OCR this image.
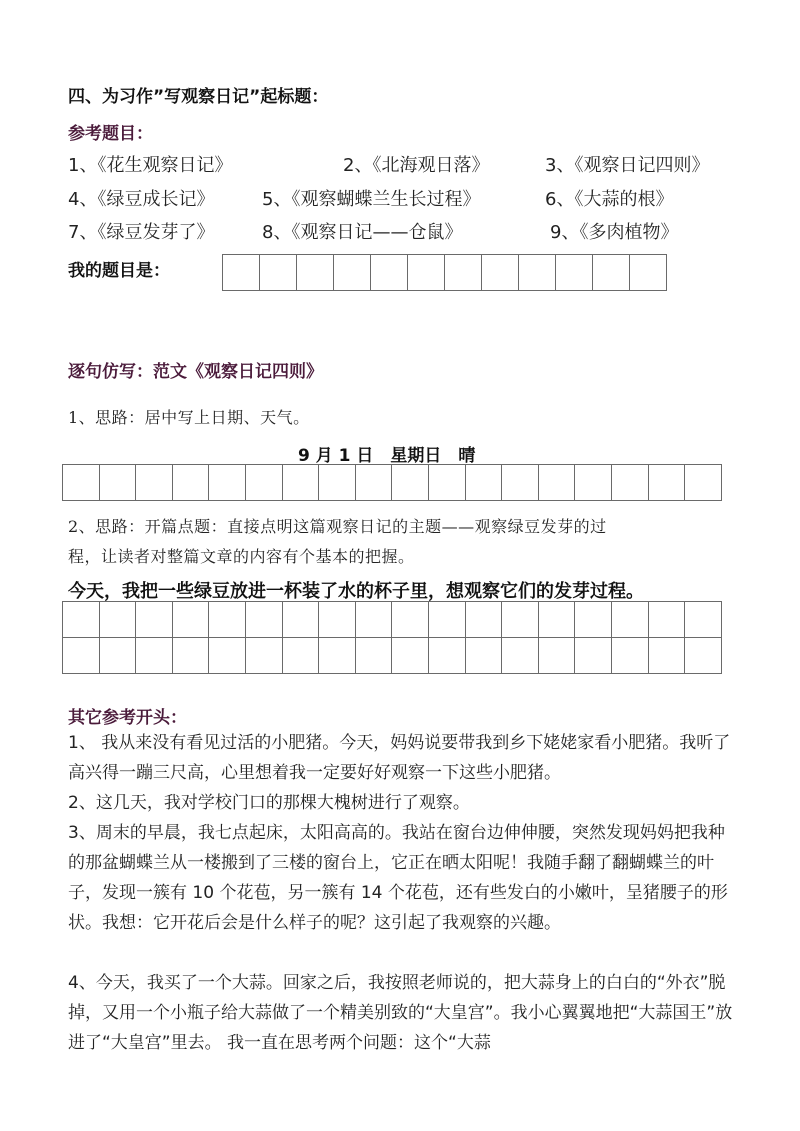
四、为习作”写观察日记”起标题：
参考题目：
1、《花生观察日记》	2、《北海观日落》	3、《观察日记四则》
4、《绿豆成长记》	5、《观察蝴蝶兰生长过程》	6、《大蒜的根》
7、《绿豆发芽了》	8、《观察日记——仓鼠》	9、《多肉植物》
我的题目是：
逐句仿写：范文《观察日记四则》
1、思路：居中写上日期、天气。
9 月 1 日　星期日　晴
2、思路：开篇点题：直接点明这篇观察日记的主题——观察绿豆发芽的过
程，让读者对整篇文章的内容有个基本的把握。
今天，我把一些绿豆放进一杯装了水的杯子里，想观察它们的发芽过程。
其它参考开头：
1、 我从来没有看见过活的小肥猪。今天，妈妈说要带我到乡下姥姥家看小肥猪。我听了高兴得一蹦三尺高，心里想着我一定要好好观察一下这些小肥猪。
2、这几天，我对学校门口的那棵大槐树进行了观察。
3、周末的早晨，我七点起床，太阳高高的。我站在窗台边伸伸腰，突然发现妈妈把我种的那盆蝴蝶兰从一楼搬到了三楼的窗台上，它正在晒太阳呢！我随手翻了翻蝴蝶兰的叶子，发现一簇有 10 个花苞，另一簇有 14 个花苞，还有些发白的小嫩叶，呈猪腰子的形状。我想：它开花后会是什么样子的呢？这引起了我观察的兴趣。
4、今天，我买了一个大蒜。回家之后，我按照老师说的，把大蒜身上的白白的“外衣”脱掉，又用一个小瓶子给大蒜做了一个精美别致的“大皇宫”。我小心翼翼地把“大蒜国王”放进了“大皇宫”里去。 我一直在思考两个问题：这个“大蒜
